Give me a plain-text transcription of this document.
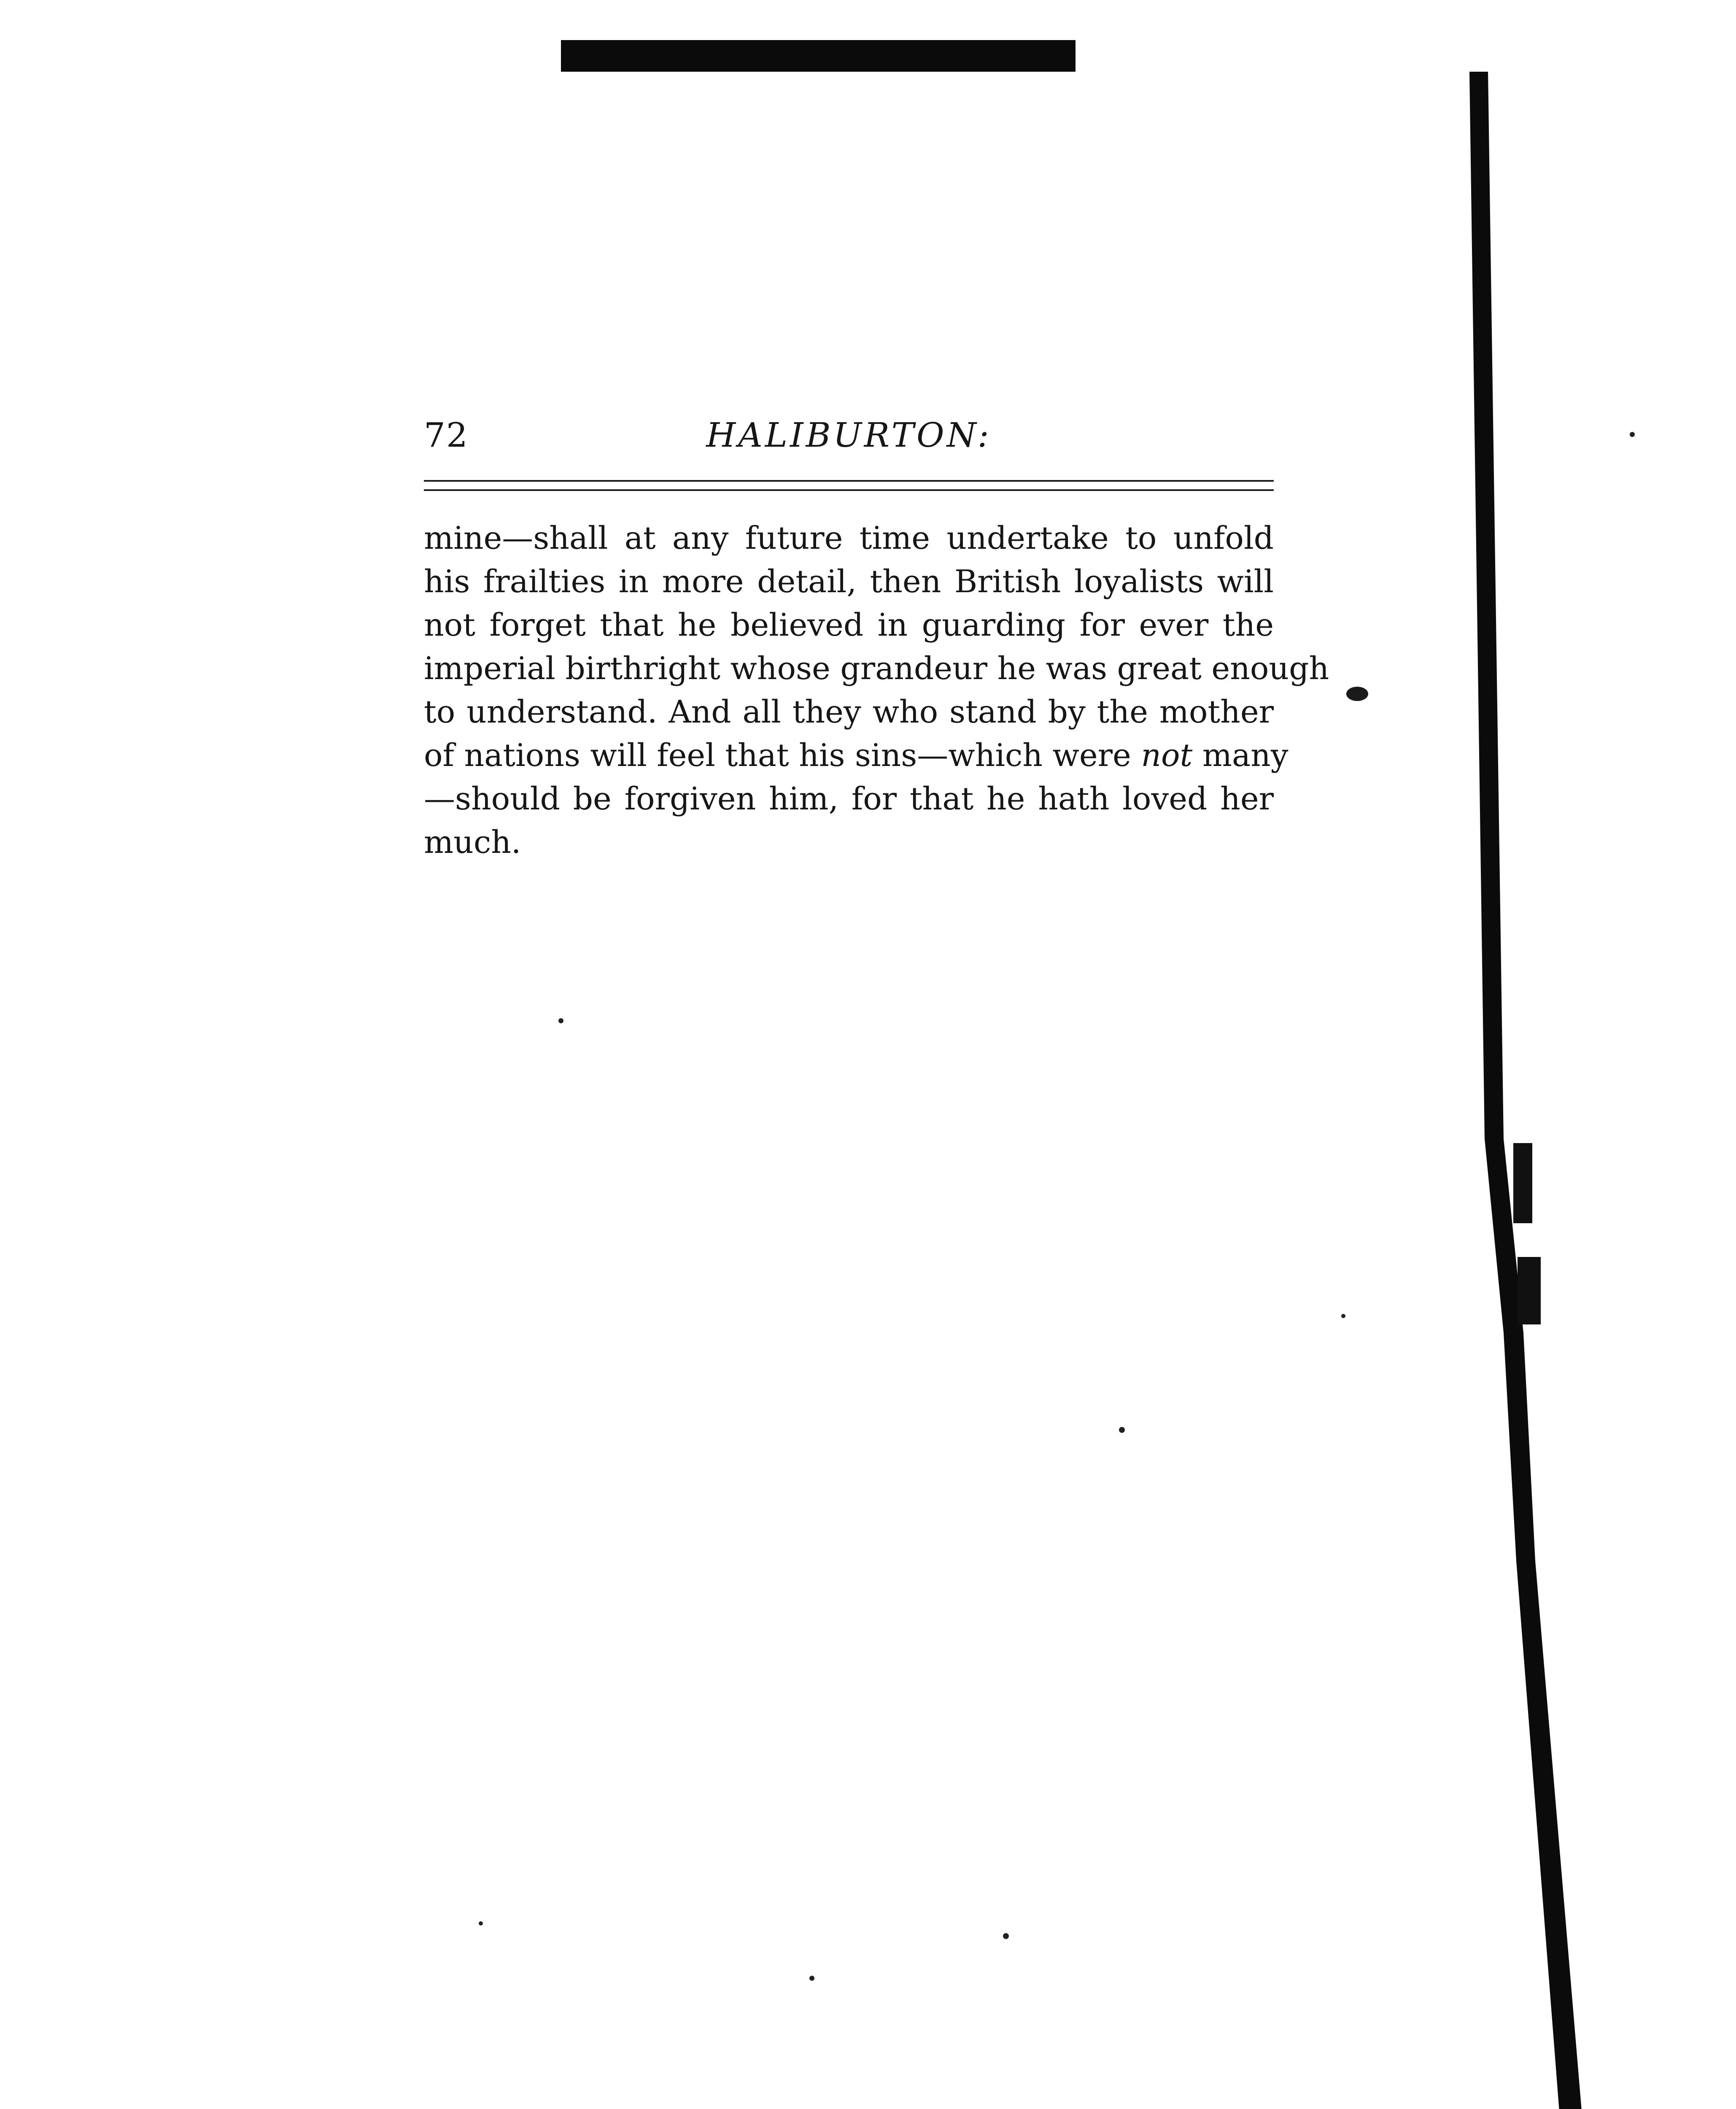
72	HALIBURTON:
mine—shall at any future time undertake to unfold
his frailties in more detail, then British loyalists will
not forget that he believed in guarding for ever the
imperial birthright whose grandeur he was great enough
to understand. And all they who stand by the mother
of nations will feel that his sins—which were not many
—should be forgiven him, for that he hath loved her
much.
